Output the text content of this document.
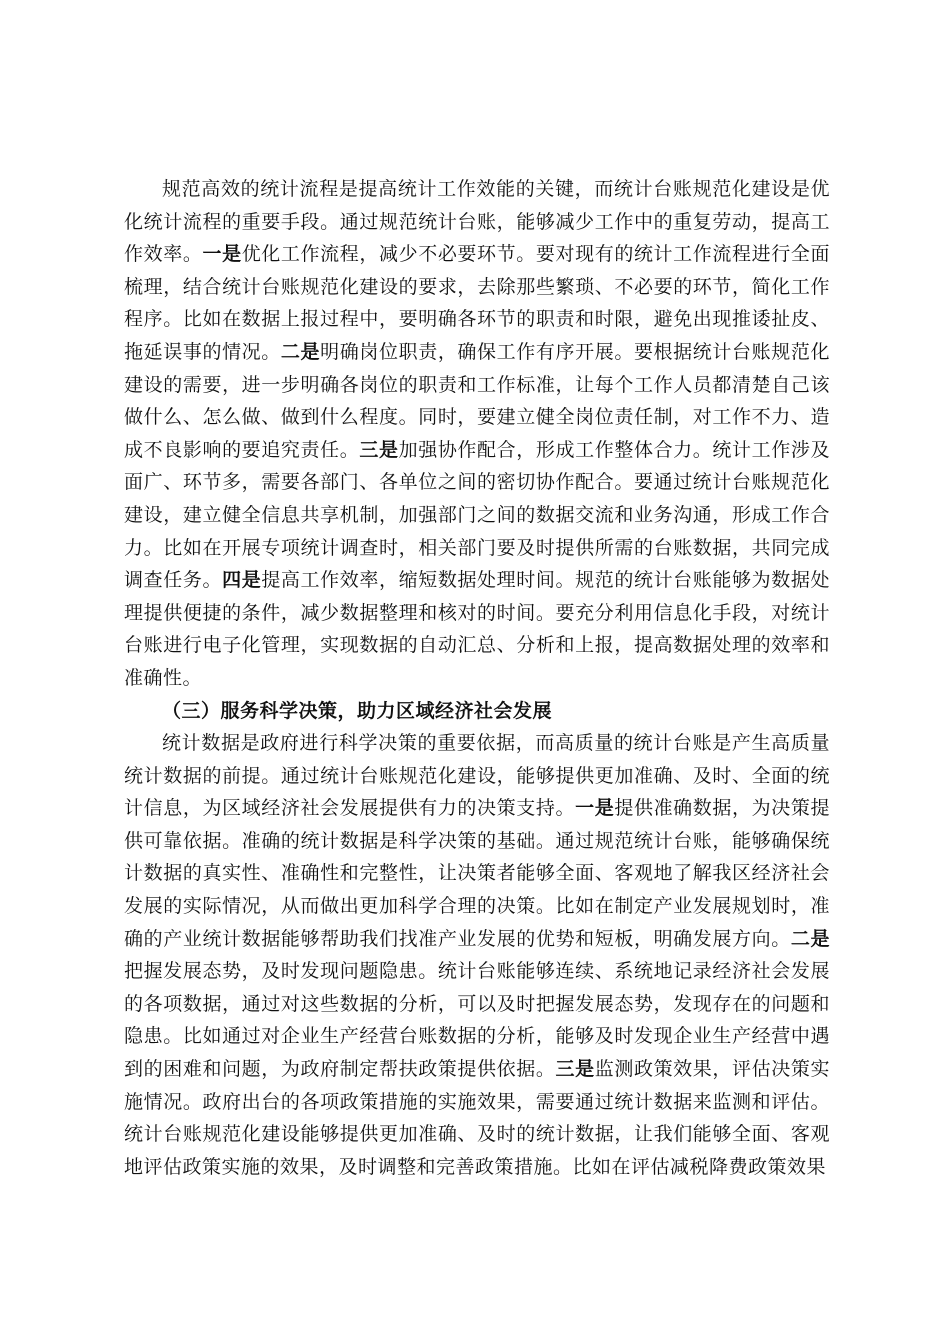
规范高效的统计流程是提高统计工作效能的关键，而统计台账规范化建设是优化统计流程的重要手段。通过规范统计台账，能够减少工作中的重复劳动，提高工作效率。一是优化工作流程，减少不必要环节。要对现有的统计工作流程进行全面梳理，结合统计台账规范化建设的要求，去除那些繁琐、不必要的环节，简化工作程序。比如在数据上报过程中，要明确各环节的职责和时限，避免出现推诿扯皮、拖延误事的情况。二是明确岗位职责，确保工作有序开展。要根据统计台账规范化建设的需要，进一步明确各岗位的职责和工作标准，让每个工作人员都清楚自己该做什么、怎么做、做到什么程度。同时，要建立健全岗位责任制，对工作不力、造成不良影响的要追究责任。三是加强协作配合，形成工作整体合力。统计工作涉及面广、环节多，需要各部门、各单位之间的密切协作配合。要通过统计台账规范化建设，建立健全信息共享机制，加强部门之间的数据交流和业务沟通，形成工作合力。比如在开展专项统计调查时，相关部门要及时提供所需的台账数据，共同完成调查任务。四是提高工作效率，缩短数据处理时间。规范的统计台账能够为数据处理提供便捷的条件，减少数据整理和核对的时间。要充分利用信息化手段，对统计台账进行电子化管理，实现数据的自动汇总、分析和上报，提高数据处理的效率和准确性。

（三）服务科学决策，助力区域经济社会发展

统计数据是政府进行科学决策的重要依据，而高质量的统计台账是产生高质量统计数据的前提。通过统计台账规范化建设，能够提供更加准确、及时、全面的统计信息，为区域经济社会发展提供有力的决策支持。一是提供准确数据，为决策提供可靠依据。准确的统计数据是科学决策的基础。通过规范统计台账，能够确保统计数据的真实性、准确性和完整性，让决策者能够全面、客观地了解我区经济社会发展的实际情况，从而做出更加科学合理的决策。比如在制定产业发展规划时，准确的产业统计数据能够帮助我们找准产业发展的优势和短板，明确发展方向。二是把握发展态势，及时发现问题隐患。统计台账能够连续、系统地记录经济社会发展的各项数据，通过对这些数据的分析，可以及时把握发展态势，发现存在的问题和隐患。比如通过对企业生产经营台账数据的分析，能够及时发现企业生产经营中遇到的困难和问题，为政府制定帮扶政策提供依据。三是监测政策效果，评估决策实施情况。政府出台的各项政策措施的实施效果，需要通过统计数据来监测和评估。统计台账规范化建设能够提供更加准确、及时的统计数据，让我们能够全面、客观地评估政策实施的效果，及时调整和完善政策措施。比如在评估减税降费政策效果
